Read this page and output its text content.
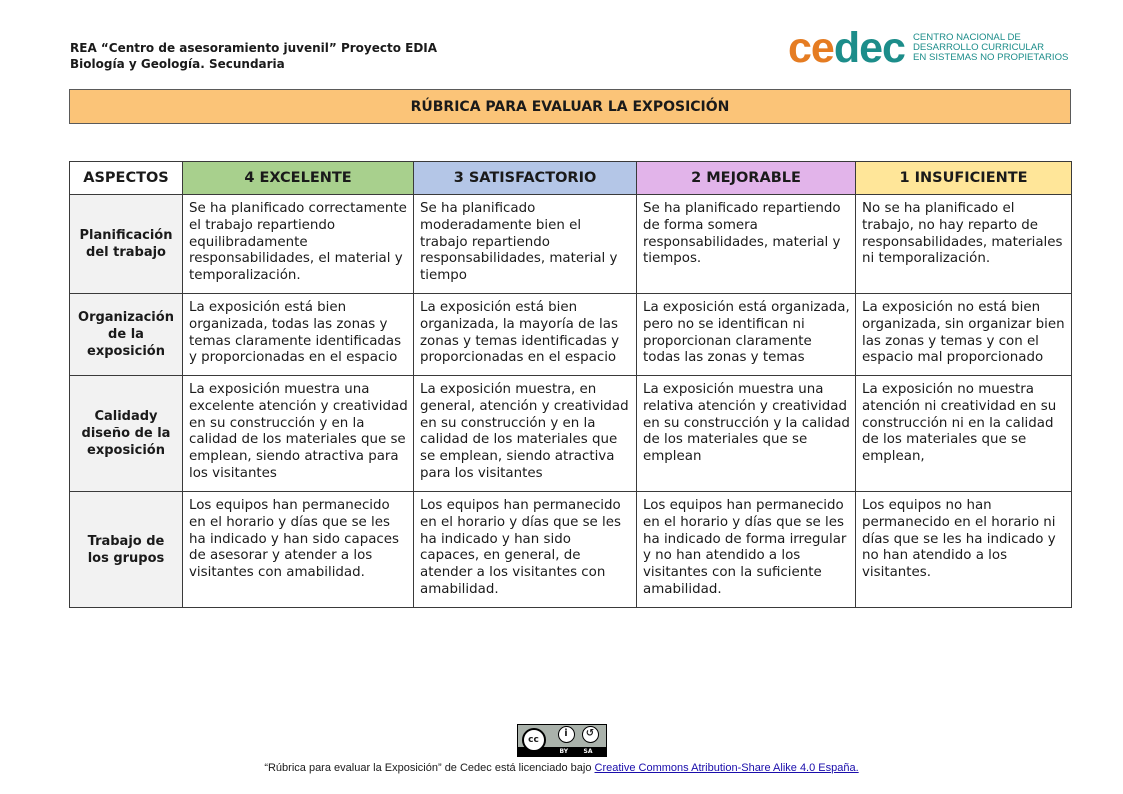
REA “Centro de asesoramiento juvenil” Proyecto EDIA
Biología y Geología. Secundaria	cedec CENTRO NACIONAL DE
DESARROLLO CURRICULAR
EN SISTEMAS NO PROPIETARIOS
RÚBRICA PARA EVALUAR LA EXPOSICIÓN
ASPECTOS	4 EXCELENTE	3 SATISFACTORIO	2 MEJORABLE	1 INSUFICIENTE
Planificación del trabajo	Se ha planificado correctamente el trabajo repartiendo equilibradamente responsabilidades, el material y temporalización.	Se ha planificado moderadamente bien el trabajo repartiendo responsabilidades, material y tiempo	Se ha planificado repartiendo de forma somera responsabilidades, material y tiempos.	No se ha planificado el trabajo, no hay reparto de responsabilidades, materiales ni temporalización.
Organización de la exposición	La exposición está bien organizada, todas las zonas y temas claramente identificadas y proporcionadas en el espacio	La exposición está bien organizada, la mayoría de las zonas y temas identificadas y proporcionadas en el espacio	La exposición está organizada, pero no se identifican ni proporcionan claramente todas las zonas y temas	La exposición no está bien organizada, sin organizar bien las zonas y temas y con el espacio mal proporcionado
Calidady diseño de la exposición	La exposición muestra una excelente atención y creatividad en su construcción y en la calidad de los materiales que se emplean, siendo atractiva para los visitantes	La exposición muestra, en general, atención y creatividad en su construcción y en la calidad de los materiales que se emplean, siendo atractiva para los visitantes	La exposición muestra una relativa atención y creatividad en su construcción y la calidad de los materiales que se emplean	La exposición no muestra atención ni creatividad en su construcción ni en la calidad de los materiales que se emplean,
Trabajo de los grupos	Los equipos han permanecido en el horario y días que se les ha indicado y han sido capaces de asesorar y atender a los visitantes con amabilidad.	Los equipos han permanecido en el horario y días que se les ha indicado y han sido capaces, en general, de atender a los visitantes con amabilidad.	Los equipos han permanecido en el horario y días que se les ha indicado de forma irregular y no han atendido a los visitantes con la suficiente amabilidad.	Los equipos no han permanecido en el horario ni días que se les ha indicado y no han atendido a los visitantes.
cc
i	↺
BY	SA
“Rúbrica para evaluar la Exposición” de Cedec está licenciado bajo Creative Commons Atribution-Share Alike 4.0 España.
